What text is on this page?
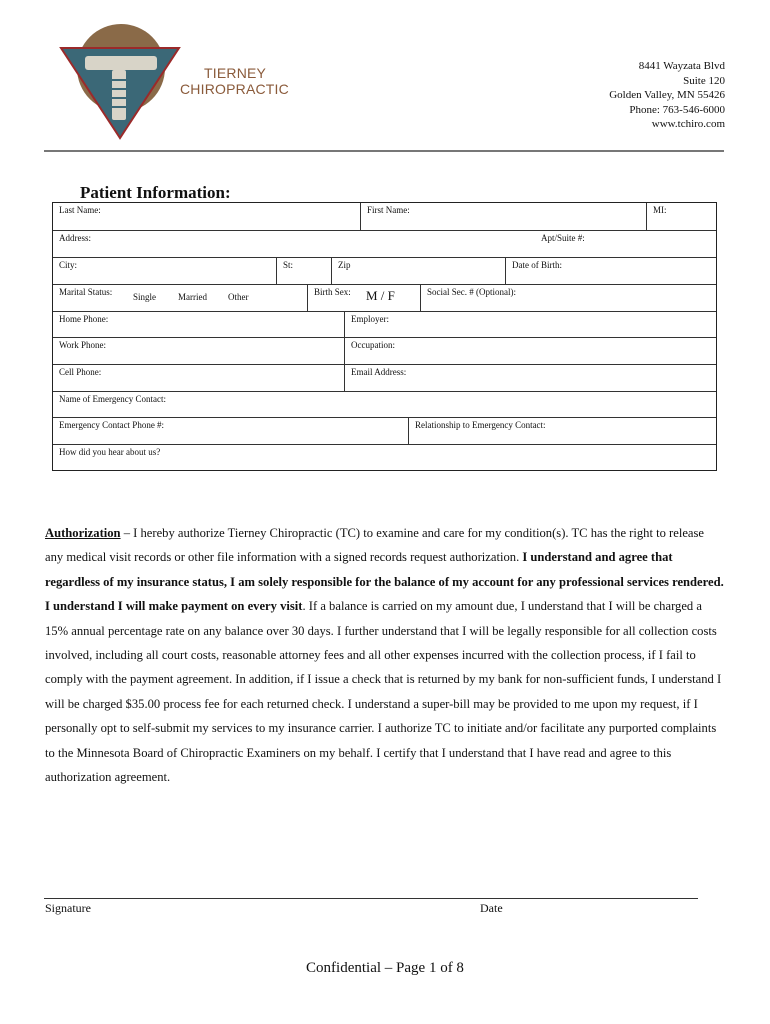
TIERNEY
CHIROPRACTIC
8441 Wayzata Blvd
Suite 120
Golden Valley, MN 55426
Phone: 763-546-6000
www.tchiro.com
Patient Information:
Last Name:	First Name:	MI:
Address:	Apt/Suite #:
City:	St:	Zip	Date of Birth:
Marital Status: Single Married Other	Birth Sex: M / F	Social Sec. # (Optional):
Home Phone:	Employer:
Work Phone:	Occupation:
Cell Phone:	Email Address:
Name of Emergency Contact:
Emergency Contact Phone #:	Relationship to Emergency Contact:
How did you hear about us?
Authorization – I hereby authorize Tierney Chiropractic (TC) to examine and care for my condition(s). TC has the right to release any medical visit records or other file information with a signed records request authorization. I understand and agree that regardless of my insurance status, I am solely responsible for the balance of my account for any professional services rendered. I understand I will make payment on every visit. If a balance is carried on my amount due, I understand that I will be charged a 15% annual percentage rate on any balance over 30 days. I further understand that I will be legally responsible for all collection costs involved, including all court costs, reasonable attorney fees and all other expenses incurred with the collection process, if I fail to comply with the payment agreement. In addition, if I issue a check that is returned by my bank for non-sufficient funds, I understand I will be charged $35.00 process fee for each returned check. I understand a super-bill may be provided to me upon my request, if I personally opt to self-submit my services to my insurance carrier. I authorize TC to initiate and/or facilitate any purported complaints to the Minnesota Board of Chiropractic Examiners on my behalf. I certify that I understand that I have read and agree to this authorization agreement.
Signature	Date
Confidential – Page 1 of 8
